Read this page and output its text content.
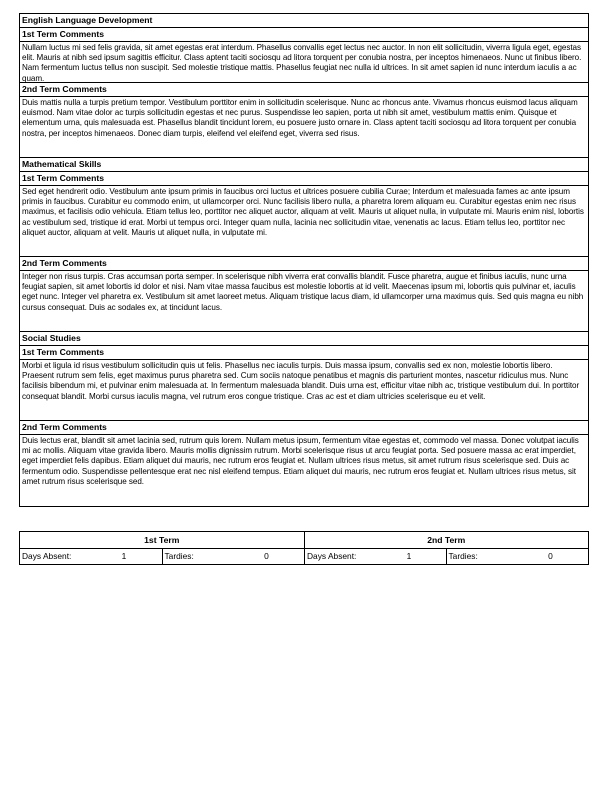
English Language Development
1st Term Comments
Nullam luctus mi sed felis gravida, sit amet egestas erat interdum. Phasellus convallis eget lectus nec auctor. In non elit sollicitudin, viverra ligula eget, egestas elit. Mauris at nibh sed ipsum sagittis efficitur. Class aptent taciti sociosqu ad litora torquent per conubia nostra, per inceptos himenaeos. Nunc ut finibus libero. Nam fermentum luctus tellus non suscipit. Sed molestie tristique mattis. Phasellus feugiat nec nulla id ultrices. In sit amet sapien id nunc interdum iaculis a ac quam.
2nd Term Comments
Duis mattis nulla a turpis pretium tempor. Vestibulum porttitor enim in sollicitudin scelerisque. Nunc ac rhoncus ante. Vivamus rhoncus euismod lacus aliquam euismod. Nam vitae dolor ac turpis sollicitudin egestas et nec purus. Suspendisse leo sapien, porta ut nibh sit amet, vestibulum mattis enim. Quisque et elementum urna, quis malesuada est. Phasellus blandit tincidunt lorem, eu posuere justo ornare in. Class aptent taciti sociosqu ad litora torquent per conubia nostra, per inceptos himenaeos. Donec diam turpis, eleifend vel eleifend eget, viverra sed risus.
Mathematical Skills
1st Term Comments
Sed eget hendrerit odio. Vestibulum ante ipsum primis in faucibus orci luctus et ultrices posuere cubilia Curae; Interdum et malesuada fames ac ante ipsum primis in faucibus. Curabitur eu commodo enim, ut ullamcorper orci. Nunc facilisis libero nulla, a pharetra lorem aliquam eu. Curabitur egestas enim nec risus maximus, et facilisis odio vehicula. Etiam tellus leo, porttitor nec aliquet auctor, aliquam at velit. Mauris ut aliquet nulla, in vulputate mi. Mauris enim nisl, lobortis ac vestibulum sed, tristique id erat. Morbi ut tempus orci. Integer quam nulla, lacinia nec sollicitudin vitae, venenatis ac lacus. Etiam tellus leo, porttitor nec aliquet auctor, aliquam at velit. Mauris ut aliquet nulla, in vulputate mi.
2nd Term Comments
Integer non risus turpis. Cras accumsan porta semper. In scelerisque nibh viverra erat convallis blandit. Fusce pharetra, augue et finibus iaculis, nunc urna feugiat sapien, sit amet lobortis id dolor et nisi. Nam vitae massa faucibus est molestie lobortis at id velit. Maecenas ipsum mi, lobortis quis pulvinar et, iaculis eget nunc. Integer vel pharetra ex. Vestibulum sit amet laoreet metus. Aliquam tristique lacus diam, id ullamcorper urna maximus quis. Sed quis magna eu nibh cursus consequat. Duis ac sodales ex, at tincidunt lacus.
Social Studies
1st Term Comments
Morbi et ligula id risus vestibulum sollicitudin quis ut felis. Phasellus nec iaculis turpis. Duis massa ipsum, convallis sed ex non, molestie lobortis libero. Praesent rutrum sem felis, eget maximus purus pharetra sed. Cum sociis natoque penatibus et magnis dis parturient montes, nascetur ridiculus mus. Nunc facilisis bibendum mi, et pulvinar enim malesuada at. In fermentum malesuada blandit. Duis urna est, efficitur vitae nibh ac, tristique vestibulum dui. In porttitor consequat blandit. Morbi cursus iaculis magna, vel rutrum eros congue tristique. Cras ac est et diam ultricies scelerisque eu et velit.
2nd Term Comments
Duis lectus erat, blandit sit amet lacinia sed, rutrum quis lorem. Nullam metus ipsum, fermentum vitae egestas et, commodo vel massa. Donec volutpat iaculis mi ac mollis. Aliquam vitae gravida libero. Mauris mollis dignissim rutrum. Morbi scelerisque risus ut arcu feugiat porta. Sed posuere massa ac erat imperdiet, eget imperdiet felis dapibus. Etiam aliquet dui mauris, nec rutrum eros feugiat et. Nullam ultrices risus metus, sit amet rutrum risus scelerisque sed. Duis ac fermentum odio. Suspendisse pellentesque erat nec nisl eleifend tempus. Etiam aliquet dui mauris, nec rutrum eros feugiat et. Nullam ultrices risus metus, sit amet rutrum risus scelerisque sed.
1st Term	2nd Term
Days Absent:	1	Tardies:	0	Days Absent:	1	Tardies:	0
